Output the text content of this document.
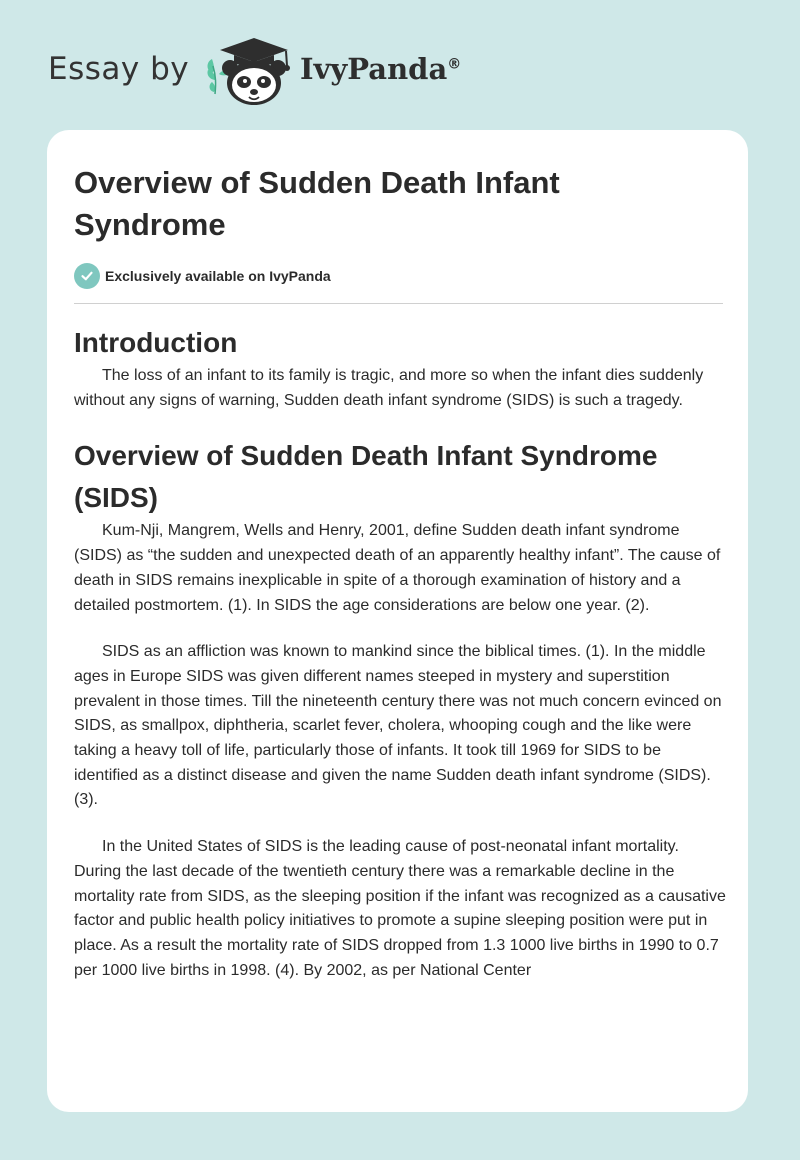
Essay by	IvyPanda®
Overview of Sudden Death Infant Syndrome
Exclusively available on IvyPanda
Introduction

The loss of an infant to its family is tragic, and more so when the infant dies suddenly without any signs of warning, Sudden death infant syndrome (SIDS) is such a tragedy.

Overview of Sudden Death Infant Syndrome (SIDS)

Kum-Nji, Mangrem, Wells and Henry, 2001, define Sudden death infant syndrome (SIDS) as “the sudden and unexpected death of an apparently healthy infant”. The cause of death in SIDS remains inexplicable in spite of a thorough examination of history and a detailed postmortem. (1). In SIDS the age considerations are below one year. (2).

SIDS as an affliction was known to mankind since the biblical times. (1). In the middle ages in Europe SIDS was given different names steeped in mystery and superstition prevalent in those times. Till the nineteenth century there was not much concern evinced on SIDS, as smallpox, diphtheria, scarlet fever, cholera, whooping cough and the like were taking a heavy toll of life, particularly those of infants. It took till 1969 for SIDS to be identified as a distinct disease and given the name Sudden death infant syndrome (SIDS). (3).

In the United States of SIDS is the leading cause of post-neonatal infant mortality. During the last decade of the twentieth century there was a remarkable decline in the mortality rate from SIDS, as the sleeping position if the infant was recognized as a causative factor and public health policy initiatives to promote a supine sleeping position were put in place. As a result the mortality rate of SIDS dropped from 1.3 1000 live births in 1990 to 0.7 per 1000 live births in 1998. (4). By 2002, as per National Center
